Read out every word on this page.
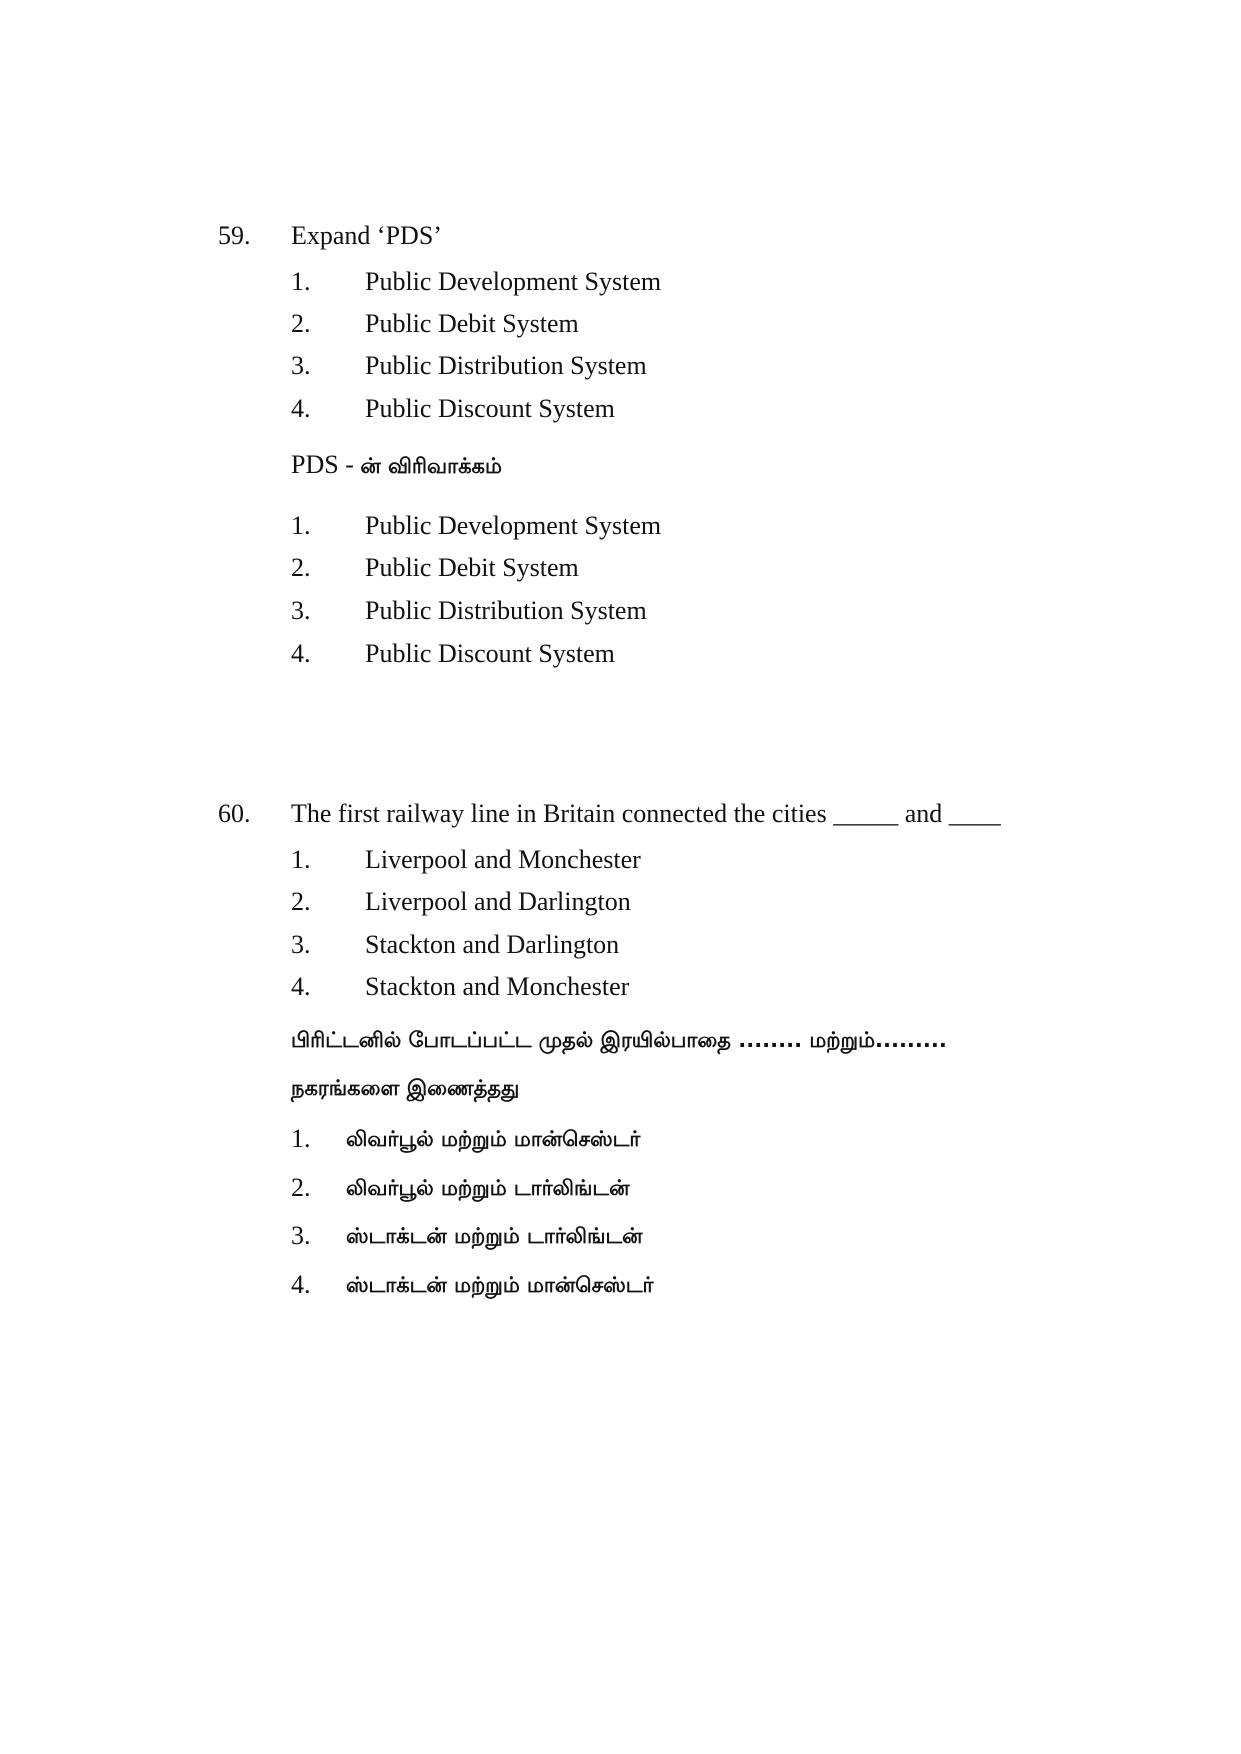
59. Expand ‘PDS’
1. Public Development System
2. Public Debit System
3. Public Distribution System
4. Public Discount System
PDS - ன் விரிவாக்கம்
1. Public Development System
2. Public Debit System
3. Public Distribution System
4. Public Discount System
60. The first railway line in Britain connected the cities _____ and ____
1. Liverpool and Monchester
2. Liverpool and Darlington
3. Stackton and Darlington
4. Stackton and Monchester
பிரிட்டனில் போடப்பட்ட முதல் இரயில்பாதை ........ மற்றும்.........
நகரங்களை இணைத்தது
1. லிவர்பூல் மற்றும் மான்செஸ்டர்
2. லிவர்பூல் மற்றும் டார்லிங்டன்
3. ஸ்டாக்டன் மற்றும் டார்லிங்டன்
4. ஸ்டாக்டன் மற்றும் மான்செஸ்டர்
